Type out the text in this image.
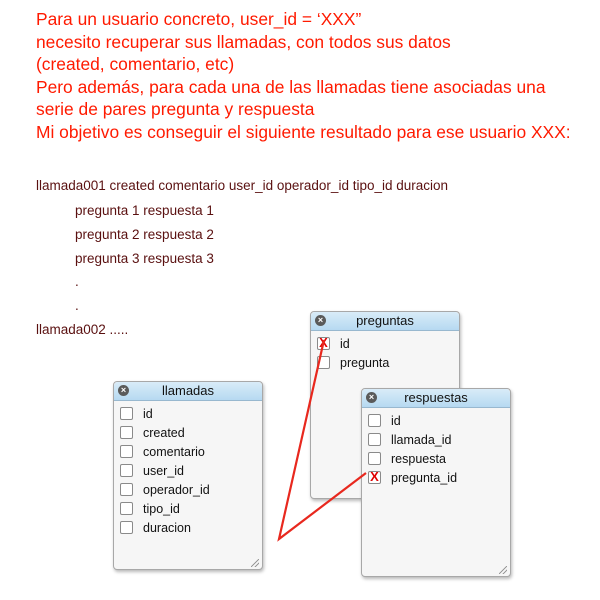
Para un usuario concreto, user_id = ‘XXX”
necesito recuperar sus llamadas, con todos sus datos
(created, comentario, etc)
Pero además, para cada una de las llamadas tiene asociadas una
serie de pares pregunta y respuesta
Mi objetivo es conseguir el siguiente resultado para ese usuario XXX:
llamada001 created comentario user_id operador_id tipo_id duracion
pregunta 1 respuesta 1
pregunta 2 respuesta 2
pregunta 3 respuesta 3
.
.
llamada002 .....
×	preguntas
X id
pregunta
×	llamadas
id
created
comentario
user_id
operador_id
tipo_id
duracion
× respuestas
id
llamada_id
respuesta
X pregunta_id
